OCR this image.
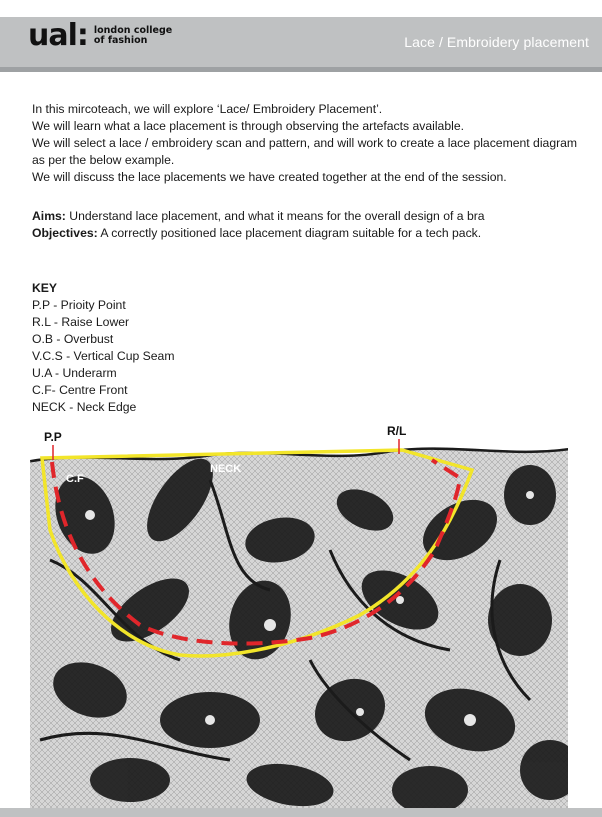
ual: london college
of fashion	Lace / Embroidery placement

In this mircoteach, we will explore ‘Lace/ Embroidery Placement’.

We will learn what a lace placement is through observing the artefacts available.

We will select a lace / embroidery scan and pattern, and will work to create a lace placement diagram as per the below example.

We will discuss the lace placements we have created together at the end of the session.

Aims: Understand lace placement, and what it means for the overall design of a bra

Objectives: A correctly positioned lace placement diagram suitable for a tech pack.

KEY

P.P - Prioity Point
R.L - Raise Lower
O.B - Overbust
V.C.S - Vertical Cup Seam
U.A - Underarm
C.F- Centre Front
NECK - Neck Edge
P.P	R/L
C.F
NECK
